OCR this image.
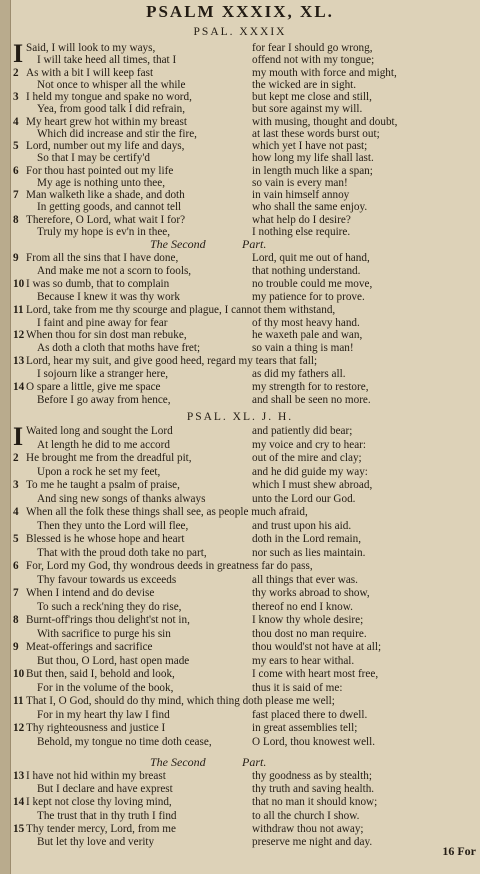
PSALM XXXIX, XL.
PSAL. XXXIX
I Said, I will look to my ways,	for fear I should go wrong,
I will take heed all times, that I	offend not with my tongue;
2 As with a bit I will keep fast	my mouth with force and might,
Not once to whisper all the while	the wicked are in sight.
3 I held my tongue and spake no word,	but kept me close and still,
Yea, from good talk I did refrain,	but sore against my will.
4 My heart grew hot within my breast	with musing, thought and doubt,
Which did increase and stir the fire,	at last these words burst out;
5 Lord, number out my life and days,	which yet I have not past;
So that I may be certify'd	how long my life shall last.
6 For thou hast pointed out my life	in length much like a span;
My age is nothing unto thee,	so vain is every man!
7 Man walketh like a shade, and doth	in vain himself annoy
In getting goods, and cannot tell	who shall the same enjoy.
8 Therefore, O Lord, what wait I for?	what help do I desire?
Truly my hope is ev'n in thee,	I nothing else require.
The Second	Part.
9 From all the sins that I have done,	Lord, quit me out of hand,
And make me not a scorn to fools,	that nothing understand.
10 I was so dumb, that to complain	no trouble could me move,
Because I knew it was thy work	my patience for to prove.
11 Lord, take from me thy scourge and plague, I cannot them withstand,
I faint and pine away for fear	of thy most heavy hand.
12 When thou for sin dost man rebuke,	he waxeth pale and wan,
As doth a cloth that moths have fret;	so vain a thing is man!
13 Lord, hear my suit, and give good heed, regard my tears that fall;
I sojourn like a stranger here,	as did my fathers all.
14 O spare a little, give me space	my strength for to restore,
Before I go away from hence,	and shall be seen no more.
PSAL. XL. J. H.
I Waited long and sought the Lord	and patiently did bear;
At length he did to me accord	my voice and cry to hear:
2 He brought me from the dreadful pit,	out of the mire and clay;
Upon a rock he set my feet,	and he did guide my way:
3 To me he taught a psalm of praise,	which I must shew abroad,
And sing new songs of thanks always	unto the Lord our God.
4 When all the folk these things shall see, as people much afraid,
Then they unto the Lord will flee,	and trust upon his aid.
5 Blessed is he whose hope and heart	doth in the Lord remain,
That with the proud doth take no part,	nor such as lies maintain.
6 For, Lord my God, thy wondrous deeds in greatness far do pass,
Thy favour towards us exceeds	all things that ever was.
7 When I intend and do devise	thy works abroad to show,
To such a reck'ning they do rise,	thereof no end I know.
8 Burnt-off'rings thou delight'st not in,	I know thy whole desire;
With sacrifice to purge his sin	thou dost no man require.
9 Meat-offerings and sacrifice	thou would'st not have at all;
But thou, O Lord, hast open made	my ears to hear withal.
10 But then, said I, behold and look,	I come with heart most free,
For in the volume of the book,	thus it is said of me:
11 That I, O God, should do thy mind, which thing doth please me well;
For in my heart thy law I find	fast placed there to dwell.
12 Thy righteousness and justice I	in great assemblies tell;
Behold, my tongue no time doth cease,	O Lord, thou knowest well.
The Second	Part.
13 I have not hid within my breast	thy goodness as by stealth;
But I declare and have exprest	thy truth and saving health.
14 I kept not close thy loving mind,	that no man it should know;
The trust that in thy truth I find	to all the church I show.
15 Thy tender mercy, Lord, from me	withdraw thou not away;
But let thy love and verity	preserve me night and day.
16 For
